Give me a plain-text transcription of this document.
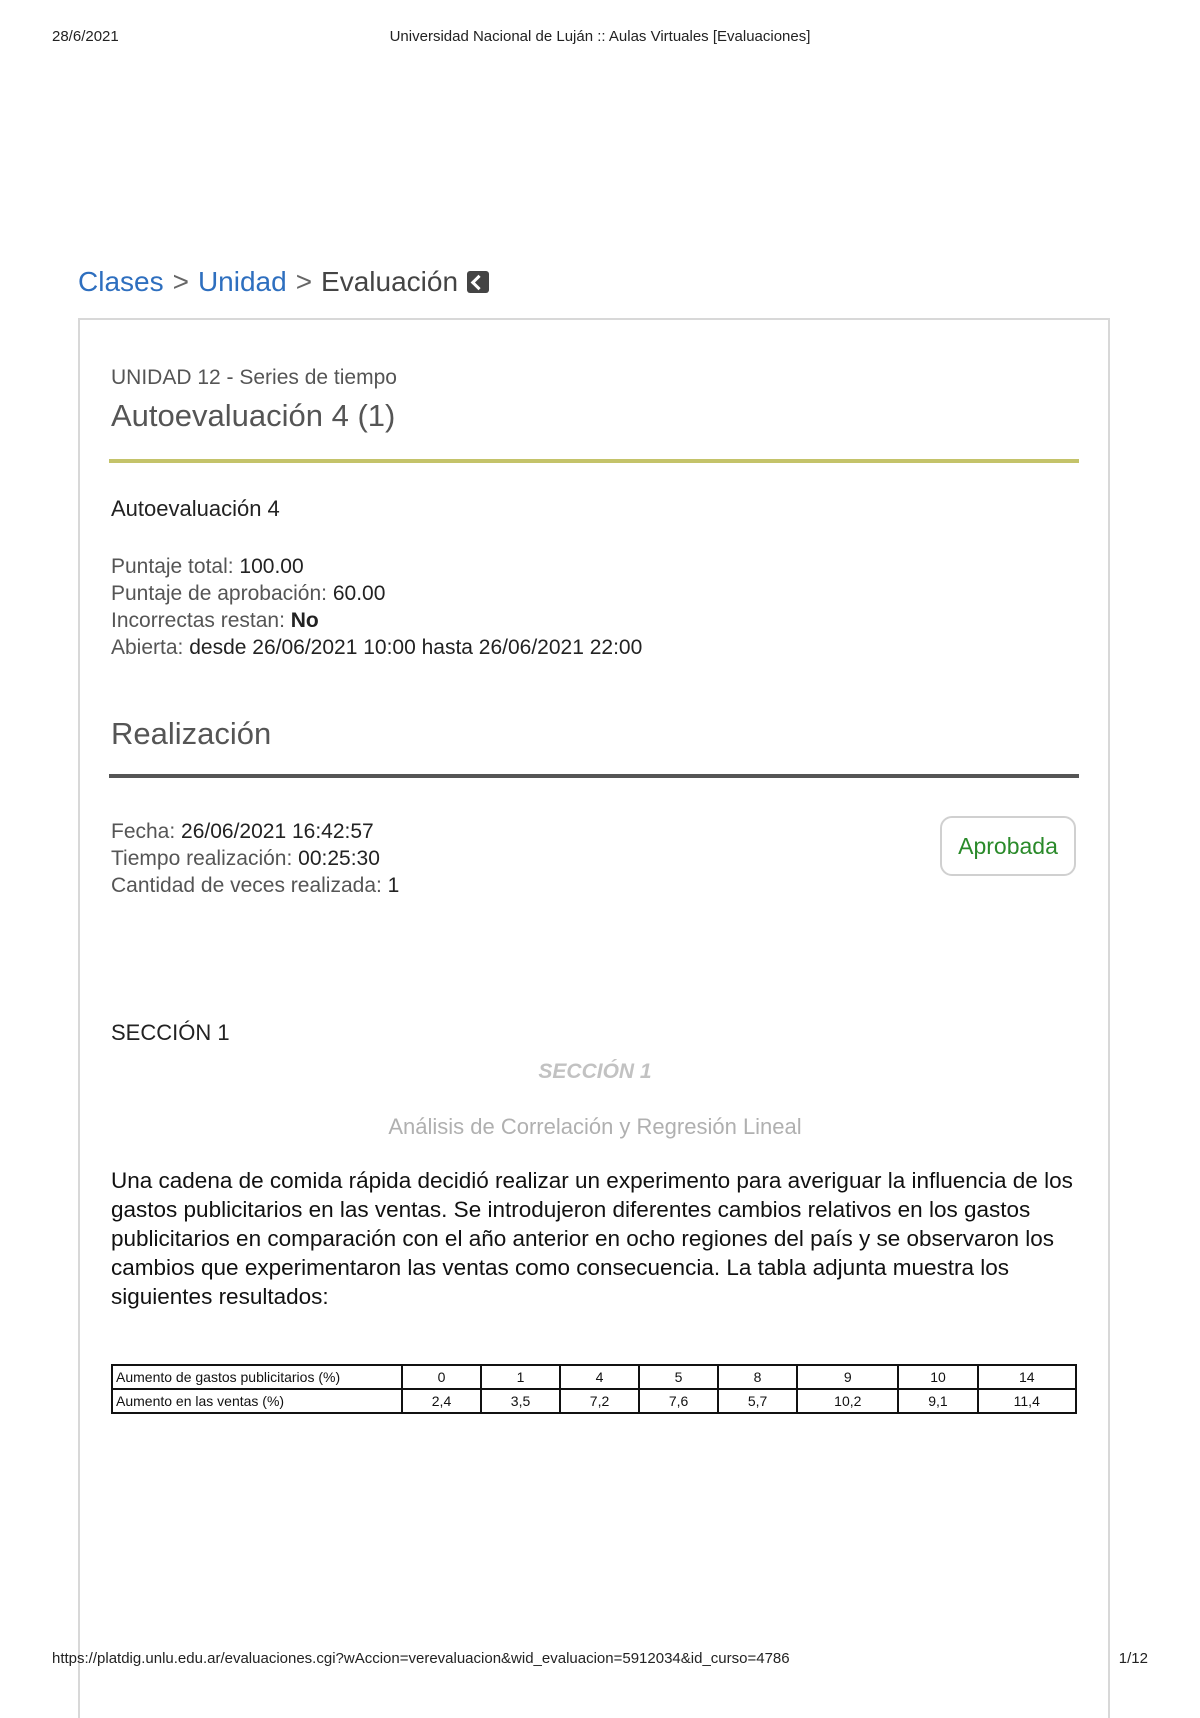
28/6/2021	Universidad Nacional de Luján :: Aulas Virtuales [Evaluaciones]
Clases > Unidad > Evaluación
UNIDAD 12 - Series de tiempo
Autoevaluación 4 (1)
Autoevaluación 4
Puntaje total: 100.00
Puntaje de aprobación: 60.00
Incorrectas restan: No
Abierta: desde 26/06/2021 10:00 hasta 26/06/2021 22:00
Realización
Fecha: 26/06/2021 16:42:57
Tiempo realización: 00:25:30
Cantidad de veces realizada: 1
Aprobada
SECCIÓN 1
SECCIÓN 1
Análisis de Correlación y Regresión Lineal
Una cadena de comida rápida decidió realizar un experimento para averiguar la influencia de los gastos publicitarios en las ventas. Se introdujeron diferentes cambios relativos en los gastos publicitarios en comparación con el año anterior en ocho regiones del país y se observaron los cambios que experimentaron las ventas como consecuencia. La tabla adjunta muestra los siguientes resultados:
Aumento de gastos publicitarios (%)	0	1	4	5	8	9	10	14
Aumento en las ventas (%)	2,4	3,5	7,2	7,6	5,7	10,2	9,1	11,4
https://platdig.unlu.edu.ar/evaluaciones.cgi?wAccion=verevaluacion&wid_evaluacion=5912034&id_curso=4786	1/12
